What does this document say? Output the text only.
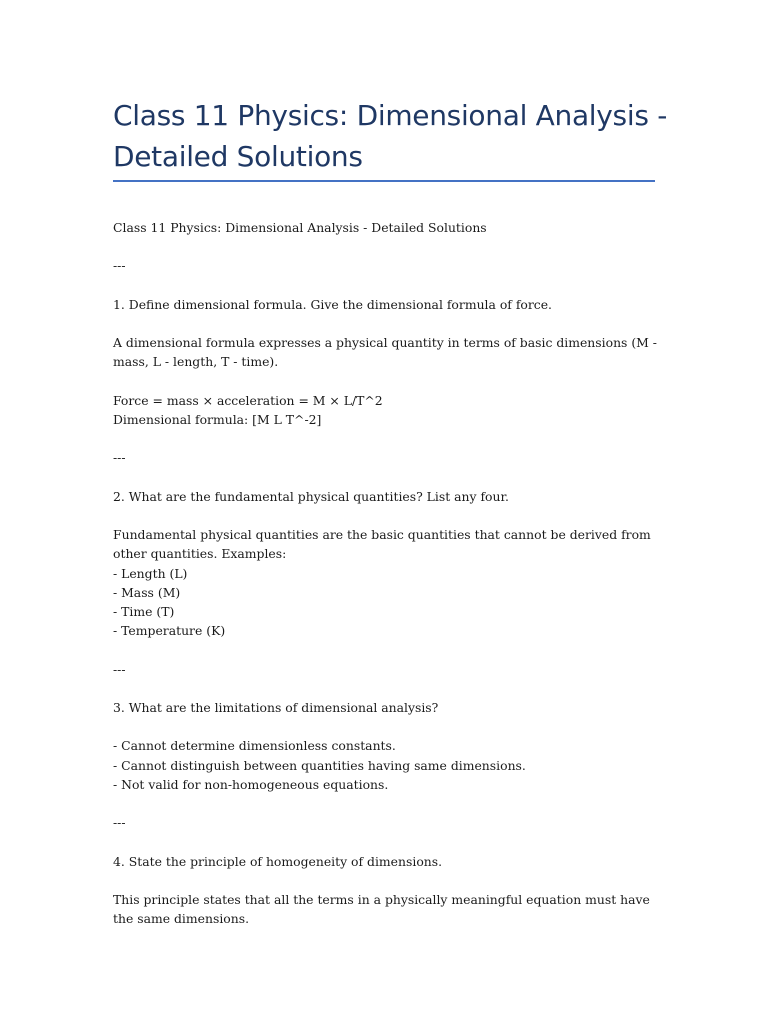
Class 11 Physics: Dimensional Analysis - Detailed Solutions

Class 11 Physics: Dimensional Analysis - Detailed Solutions

---

1. Define dimensional formula. Give the dimensional formula of force.

A dimensional formula expresses a physical quantity in terms of basic dimensions (M - mass, L - length, T - time).

Force = mass × acceleration = M × L/T^2
Dimensional formula: [M L T^-2]

---

2. What are the fundamental physical quantities? List any four.

Fundamental physical quantities are the basic quantities that cannot be derived from other quantities. Examples:
- Length (L)
- Mass (M)
- Time (T)
- Temperature (K)

---

3. What are the limitations of dimensional analysis?

- Cannot determine dimensionless constants.
- Cannot distinguish between quantities having same dimensions.
- Not valid for non-homogeneous equations.

---

4. State the principle of homogeneity of dimensions.

This principle states that all the terms in a physically meaningful equation must have the same dimensions.
